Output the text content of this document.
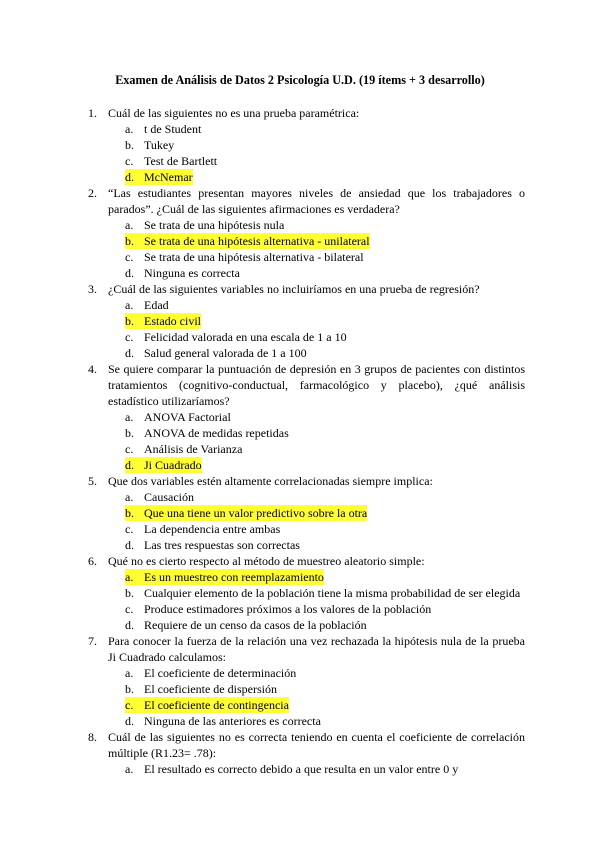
Examen de Análisis de Datos 2 Psicología U.D. (19 ítems + 3 desarrollo)
1. Cuál de las siguientes no es una prueba paramétrica:
a. t de Student
b. Tukey
c. Test de Bartlett
d. McNemar
2. “Las estudiantes presentan mayores niveles de ansiedad que los trabajadores o parados”. ¿Cuál de las siguientes afirmaciones es verdadera?
a. Se trata de una hipótesis nula
b. Se trata de una hipótesis alternativa - unilateral
c. Se trata de una hipótesis alternativa - bilateral
d. Ninguna es correcta
3. ¿Cuál de las siguientes variables no incluiríamos en una prueba de regresión?
a. Edad
b. Estado civil
c. Felicidad valorada en una escala de 1 a 10
d. Salud general valorada de 1 a 100
4. Se quiere comparar la puntuación de depresión en 3 grupos de pacientes con distintos tratamientos (cognitivo-conductual, farmacológico y placebo), ¿qué análisis estadístico utilizaríamos?
a. ANOVA Factorial
b. ANOVA de medidas repetidas
c. Análisis de Varianza
d. Ji Cuadrado
5. Que dos variables estén altamente correlacionadas siempre implica:
a. Causación
b. Que una tiene un valor predictivo sobre la otra
c. La dependencia entre ambas
d. Las tres respuestas son correctas
6. Qué no es cierto respecto al método de muestreo aleatorio simple:
a. Es un muestreo con reemplazamiento
b. Cualquier elemento de la población tiene la misma probabilidad de ser elegida
c. Produce estimadores próximos a los valores de la población
d. Requiere de un censo da casos de la población
7. Para conocer la fuerza de la relación una vez rechazada la hipótesis nula de la prueba Ji Cuadrado calculamos:
a. El coeficiente de determinación
b. El coeficiente de dispersión
c. El coeficiente de contingencia
d. Ninguna de las anteriores es correcta
8. Cuál de las siguientes no es correcta teniendo en cuenta el coeficiente de correlación múltiple (R1.23= .78):
a. El resultado es correcto debido a que resulta en un valor entre 0 y
